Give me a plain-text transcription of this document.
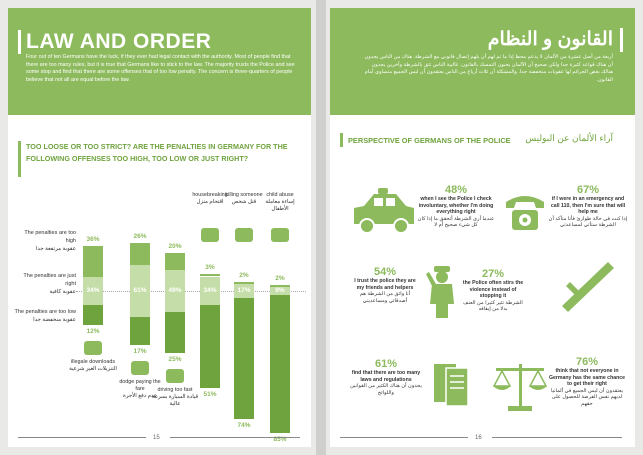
LAW AND ORDER
Four out of ten Germans have the luck, if they ever had legal contact with the authority. Most of people find that there are too many rules, but it is true that Germans like to stick to the law. The majority trusts the Police and see some stop and find that there are some offenses that of too low penalty. The concern is three-quarters of people believe that not all are equal before the law.
TOO LOOSE OR TOO STRICT? ARE THE PENALTIES IN GERMANY FOR THE FOLLOWING OFFENSES TOO HIGH, TOO LOW OR JUST RIGHT?
The penalties are too high
عقوبة مرتفعة جدا
The penalties are just right
عقوبة كافية
The penalties are too low
عقوبة منخفضة جدا
36%
34%
12%
illegale downloads
التنزيلات الغير شرعية
26%
61%
17%
dodge paying the fare
عدم دفع الأجرة
20%
49%
25%
driving too fast
قيادة السيارة بسرعة عالية
3%
34%
51%
housebreaking
اقتحام منزل
2%
17%
74%
killing someone
قتل شخص
2%
9%
85%
child abuse
إساءة معاملة الأطفال
15
القانون و النظام
أربعة من أصل عشرة من الألمان لا يدعم محظ إذا ما تم لهم أن يلهم إتصال قانوني مع الشرطة. هناك من الناس يجدون أن هناك قواعد كثيرة جدا ولكن صحيح أن الألمان يحبون التمسك بالقانون. غالبية الناس تثق بالشرطة وآخرين يجدون هنالك بعض الجرائم لها عقوبات منخفضة جدا. والمشكلة أن ثلاث أرباع من الناس يعتقدون أن ليس الجميع متساوي أمام القانون.
PERSPECTIVE OF GERMANS OF THE POLICE آراء الألمان عن البوليس
48%
when I see the Police I check involuntary, whether I'm doing everything right
عندما أرى الشرطة أتحقق ما إذا كان كل شيء صحيح أم لا
67%
if I were in an emergency and call 110, then I'm sure that will help me
إذا كنت في حالة طوارئ فأنا متأكد أن الشرطة ستأتي لمساعدتي
54%
I trust the police they are my friends and helpers
أنا واثق من الشرطة هم أصدقائي ومساعديني
27%
the Police often stirs the violence instead of stopping it
الشرطة تثير كثيرا من العنف بدلا من إيقافه
61%
find that there are too many laws and regulations
يجدون أن هناك الكثير من القوانين واللوائح
76%
think that not everyone in Germany has the same chance to get their right
يعتقدون أن ليس الجميع في ألمانيا لديهم نفس الفرصة للحصول على حقهم
16
